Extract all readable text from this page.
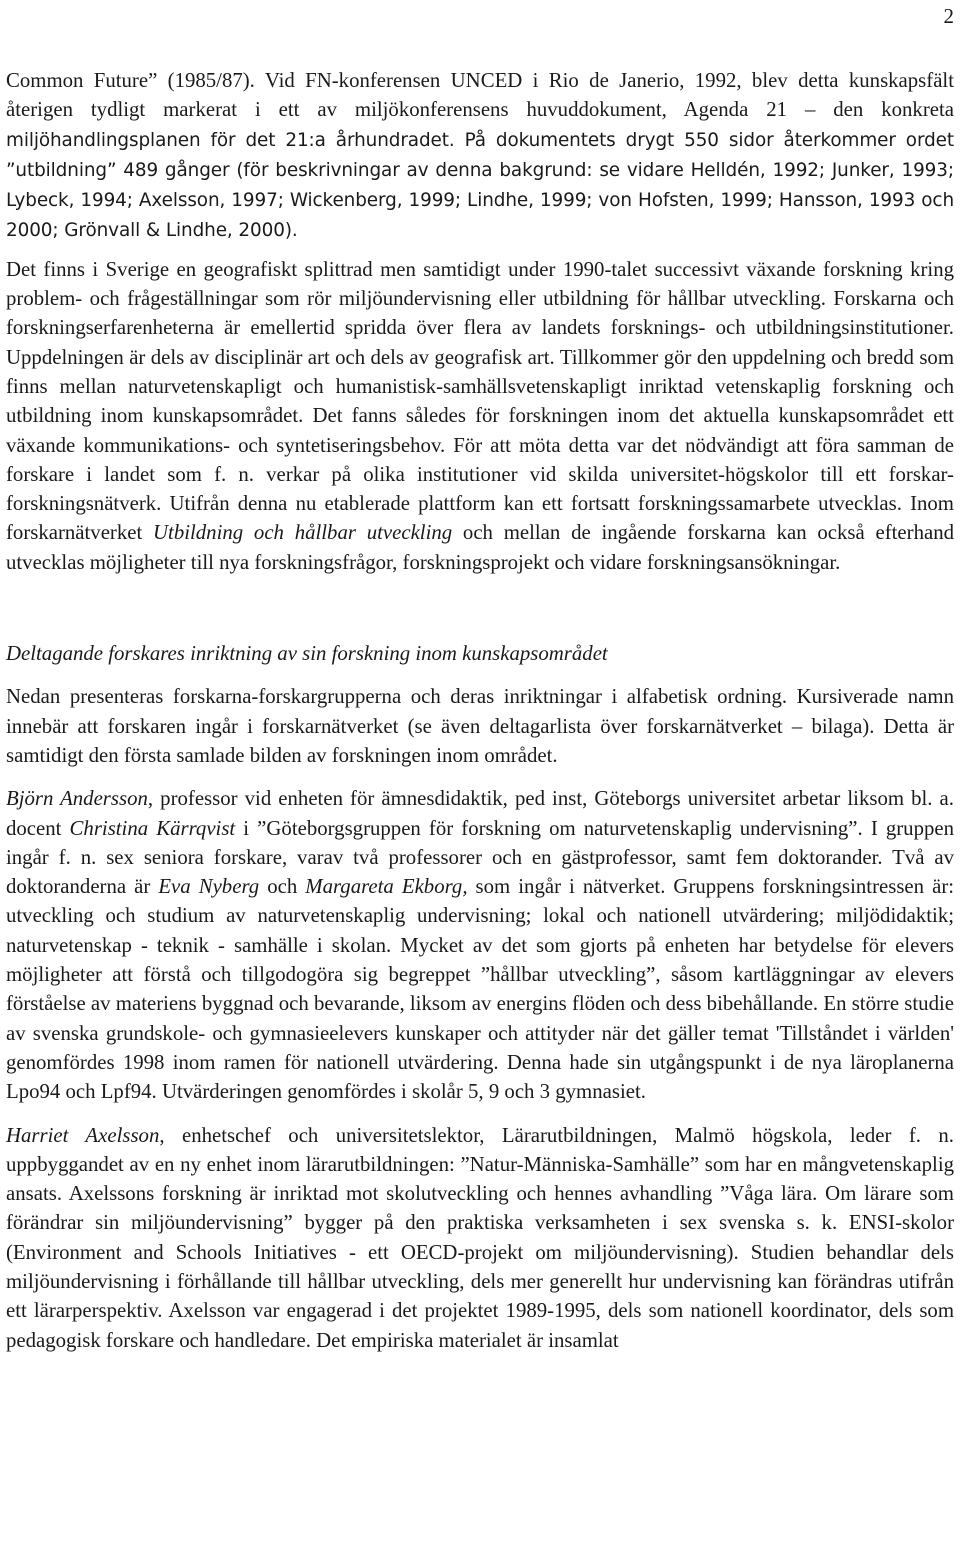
2

Common Future” (1985/87). Vid FN-konferensen UNCED i Rio de Janerio, 1992, blev detta kunskapsfält återigen tydligt markerat i ett av miljökonferensens huvuddokument, Agenda 21 – den konkreta miljöhandlingsplanen för det 21:a århundradet. På dokumentets drygt 550 sidor återkommer ordet ”utbildning” 489 gånger (för beskrivningar av denna bakgrund: se vidare Helldén, 1992; Junker, 1993; Lybeck, 1994; Axelsson, 1997; Wickenberg, 1999; Lindhe, 1999; von Hofsten, 1999; Hansson, 1993 och 2000; Grönvall & Lindhe, 2000).

Det finns i Sverige en geografiskt splittrad men samtidigt under 1990-talet successivt växande forskning kring problem- och frågeställningar som rör miljöundervisning eller utbildning för hållbar utveckling. Forskarna och forskningserfarenheterna är emellertid spridda över flera av landets forsknings- och utbildningsinstitutioner. Uppdelningen är dels av disciplinär art och dels av geografisk art. Tillkommer gör den uppdelning och bredd som finns mellan naturvetenskapligt och humanistisk-samhällsvetenskapligt inriktad vetenskaplig forskning och utbildning inom kunskapsområdet. Det fanns således för forskningen inom det aktuella kunskapsområdet ett växande kommunikations- och syntetiseringsbehov. För att möta detta var det nödvändigt att föra samman de forskare i landet som f. n. verkar på olika institutioner vid skilda universitet-högskolor till ett forskar-forskningsnätverk. Utifrån denna nu etablerade plattform kan ett fortsatt forskningssamarbete utvecklas. Inom forskarnätverket Utbildning och hållbar utveckling och mellan de ingående forskarna kan också efterhand utvecklas möjligheter till nya forskningsfrågor, forskningsprojekt och vidare forskningsansökningar.

Deltagande forskares inriktning av sin forskning inom kunskapsområdet

Nedan presenteras forskarna-forskargrupperna och deras inriktningar i alfabetisk ordning. Kursiverade namn innebär att forskaren ingår i forskarnätverket (se även deltagarlista över forskarnätverket – bilaga). Detta är samtidigt den första samlade bilden av forskningen inom området.

Björn Andersson, professor vid enheten för ämnesdidaktik, ped inst, Göteborgs universitet arbetar liksom bl. a. docent Christina Kärrqvist i ”Göteborgsgruppen för forskning om naturvetenskaplig undervisning”. I gruppen ingår f. n. sex seniora forskare, varav två professorer och en gästprofessor, samt fem doktorander. Två av doktoranderna är Eva Nyberg och Margareta Ekborg, som ingår i nätverket. Gruppens forskningsintressen är: utveckling och studium av naturvetenskaplig undervisning; lokal och nationell utvärdering; miljödidaktik; naturvetenskap - teknik - samhälle i skolan. Mycket av det som gjorts på enheten har betydelse för elevers möjligheter att förstå och tillgodogöra sig begreppet ”hållbar utveckling”, såsom kartläggningar av elevers förståelse av materiens byggnad och bevarande, liksom av energins flöden och dess bibehållande. En större studie av svenska grundskole- och gymnasieelevers kunskaper och attityder när det gäller temat 'Tillståndet i världen' genomfördes 1998 inom ramen för nationell utvärdering. Denna hade sin utgångspunkt i de nya läroplanerna Lpo94 och Lpf94. Utvärderingen genomfördes i skolår 5, 9 och 3 gymnasiet.

Harriet Axelsson, enhetschef och universitetslektor, Lärarutbildningen, Malmö högskola, leder f. n. uppbyggandet av en ny enhet inom lärarutbildningen: ”Natur-Människa-Samhälle” som har en mångvetenskaplig ansats. Axelssons forskning är inriktad mot skolutveckling och hennes avhandling ”Våga lära. Om lärare som förändrar sin miljöundervisning” bygger på den praktiska verksamheten i sex svenska s. k. ENSI-skolor (Environment and Schools Initiatives - ett OECD-projekt om miljöundervisning). Studien behandlar dels miljöundervisning i förhållande till hållbar utveckling, dels mer generellt hur undervisning kan förändras utifrån ett lärarperspektiv. Axelsson var engagerad i det projektet 1989-1995, dels som nationell koordinator, dels som pedagogisk forskare och handledare. Det empiriska materialet är insamlat
